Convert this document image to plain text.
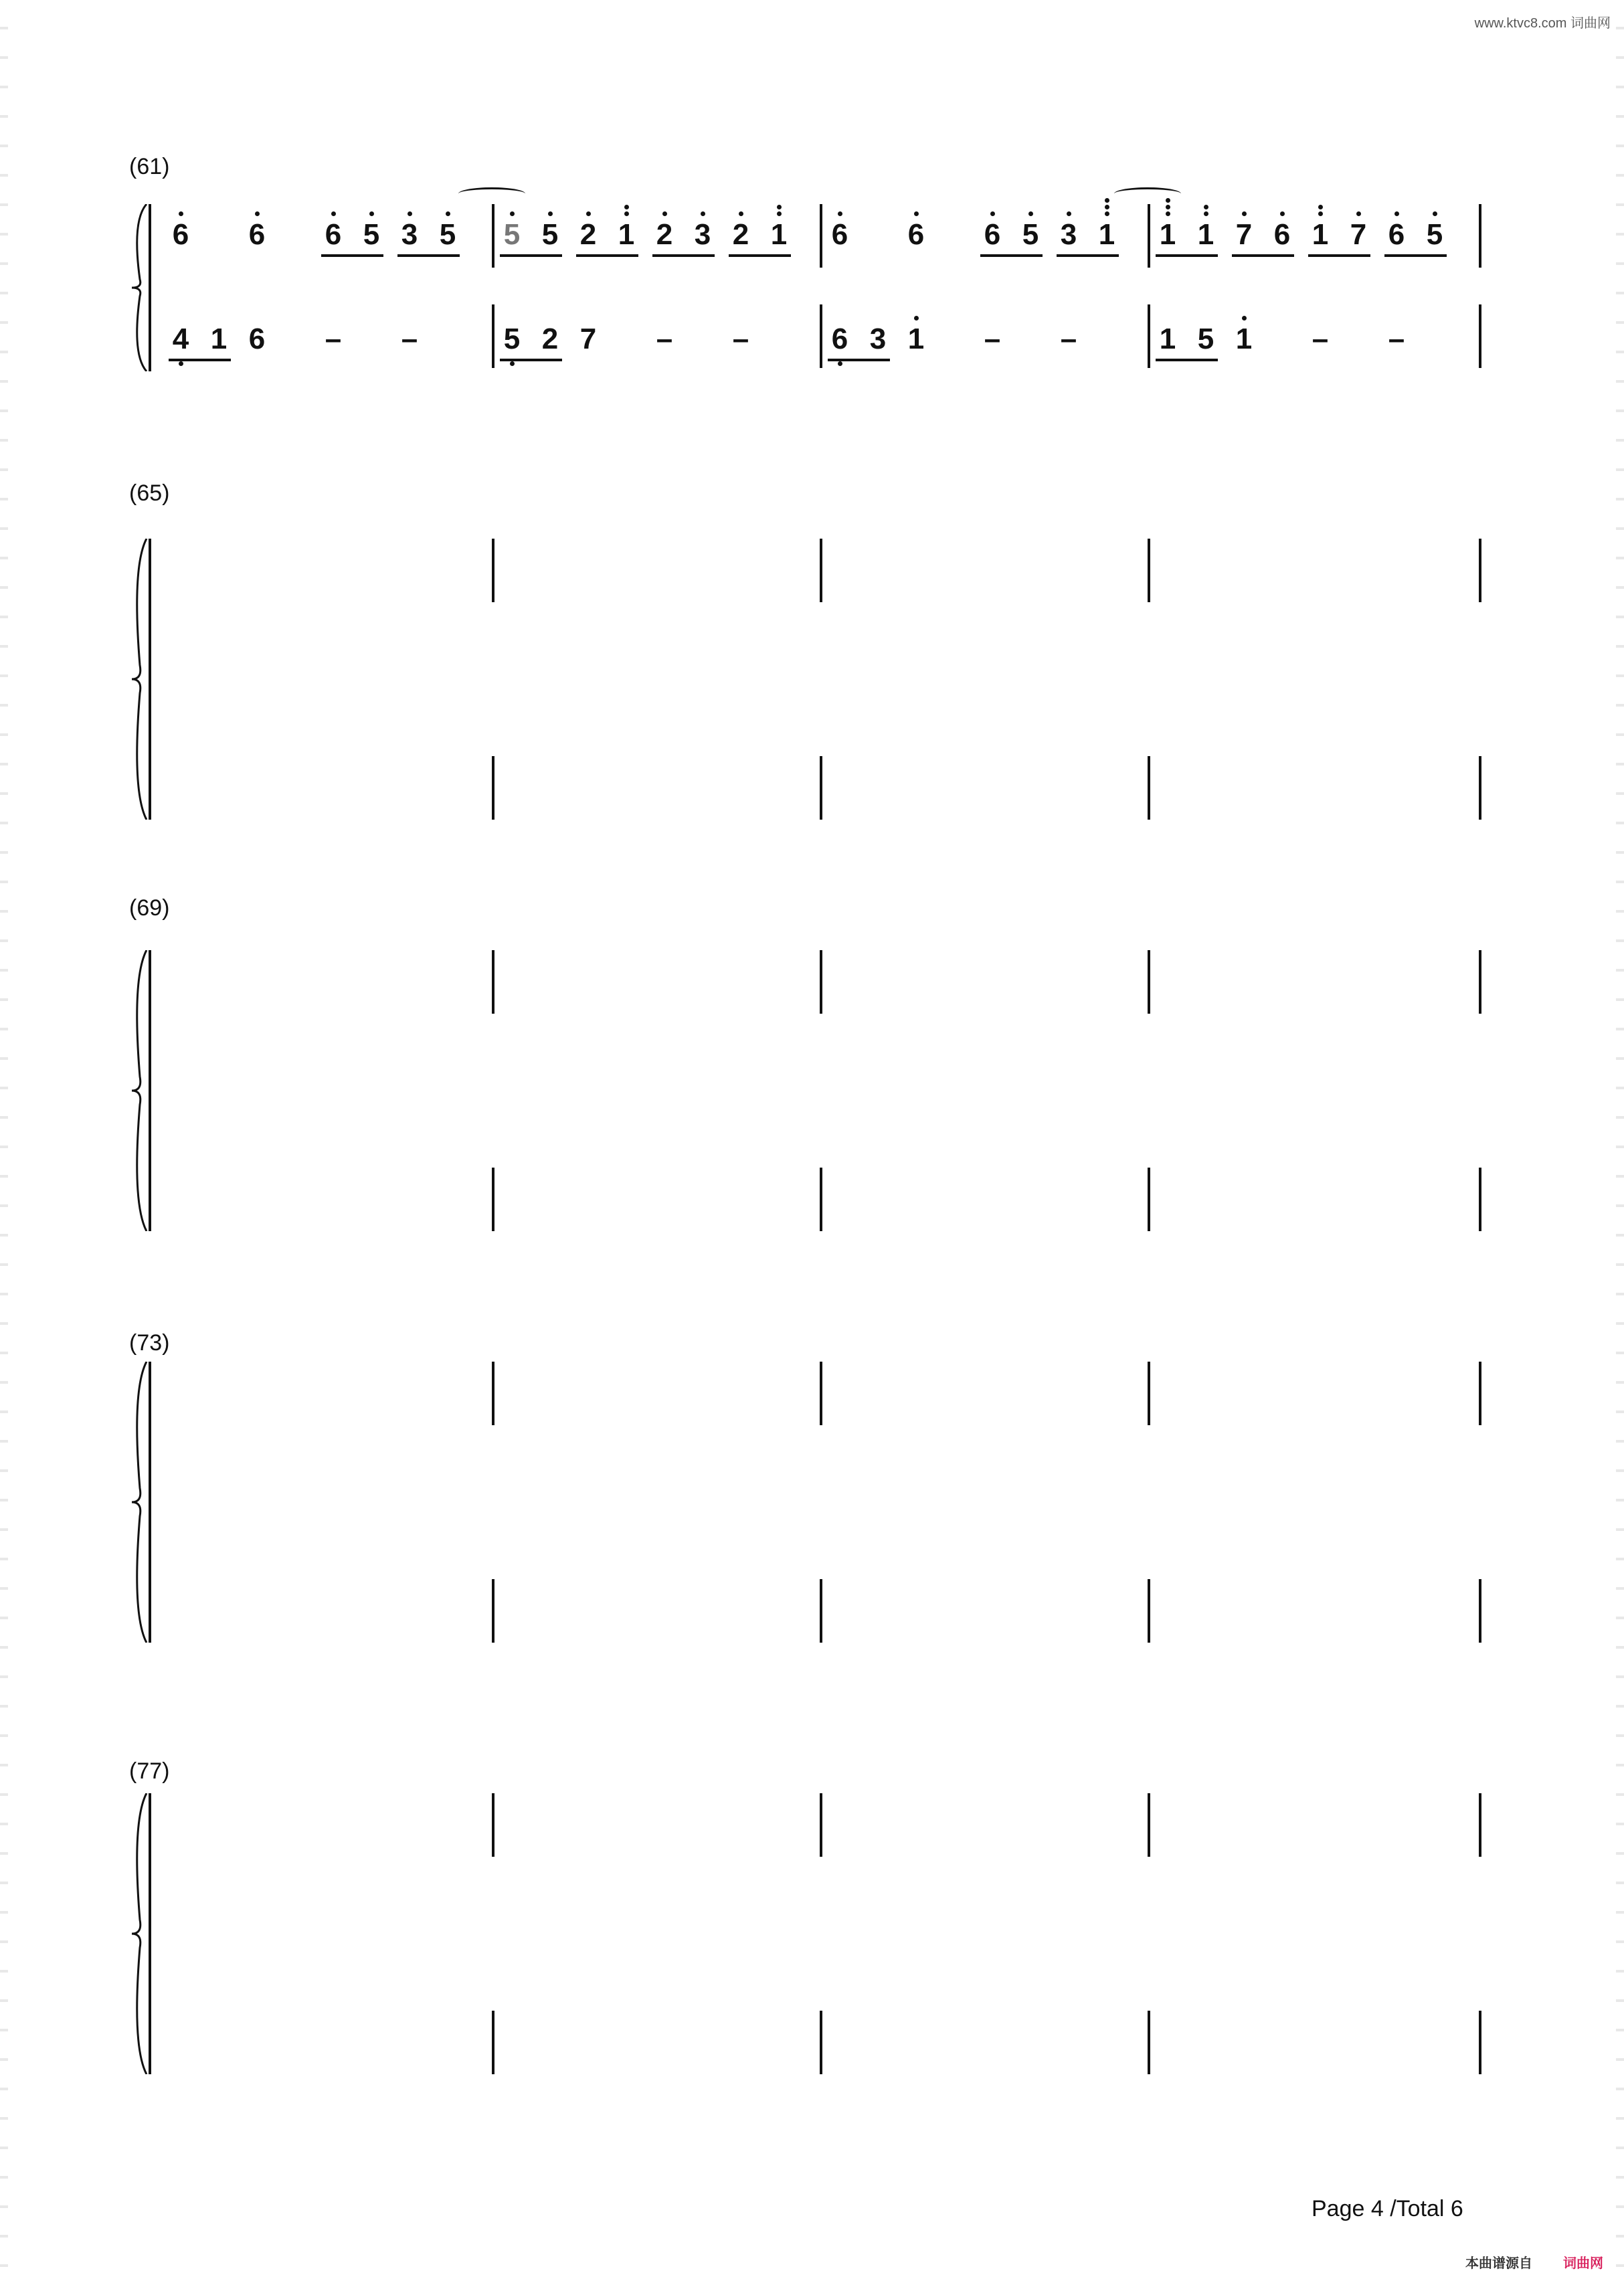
www.ktvc8.com 词曲网
(61)
6 6 6 5 3 5 5 5 2 1 2 3 2 1 6 6 6 5 3 1 1 1 7 6 1 7 6 5
4 1 6 – –	5 2 7 – –	6 3 1 – –	1 5 1 – –
(65)
(69)
(73)
(77)
Page 4 /Total 6
本曲谱源自 词曲网
